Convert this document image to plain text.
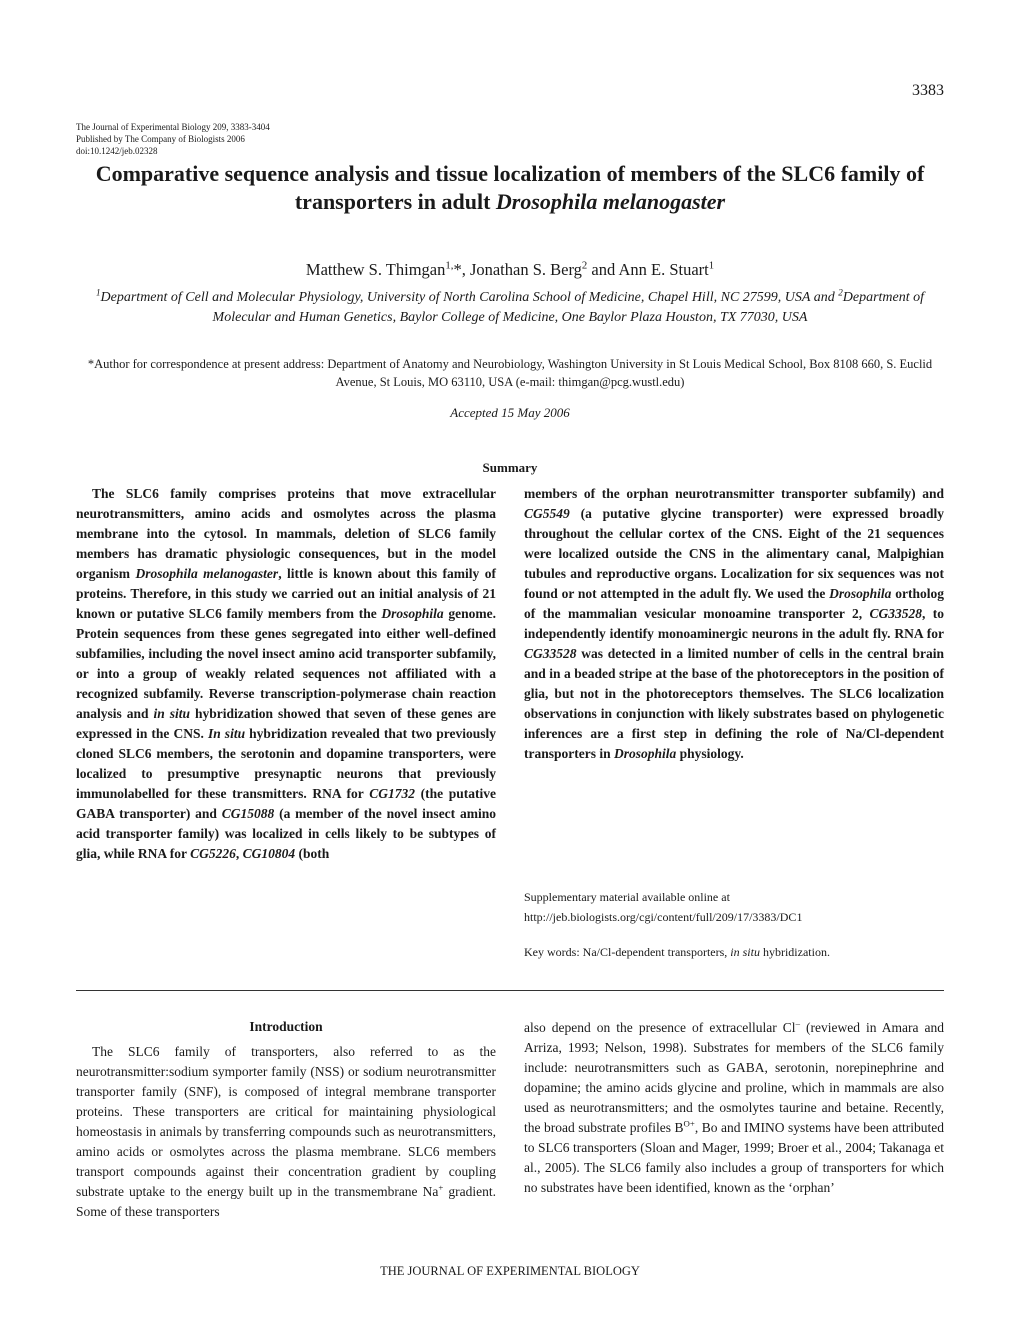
3383
The Journal of Experimental Biology 209, 3383-3404
Published by The Company of Biologists 2006
doi:10.1242/jeb.02328
Comparative sequence analysis and tissue localization of members of the SLC6 family of transporters in adult Drosophila melanogaster
Matthew S. Thimgan$^{1,}$*, Jonathan S. Berg$^2$ and Ann E. Stuart$^1$
$^1$Department of Cell and Molecular Physiology, University of North Carolina School of Medicine, Chapel Hill, NC 27599, USA and $^2$Department of Molecular and Human Genetics, Baylor College of Medicine, One Baylor Plaza Houston, TX 77030, USA
*Author for correspondence at present address: Department of Anatomy and Neurobiology, Washington University in St Louis Medical School, Box 8108 660, S. Euclid Avenue, St Louis, MO 63110, USA (e-mail: thimgan@pcg.wustl.edu)
Accepted 15 May 2006
Summary
The SLC6 family comprises proteins that move extracellular neurotransmitters, amino acids and osmolytes across the plasma membrane into the cytosol. In mammals, deletion of SLC6 family members has dramatic physiologic consequences, but in the model organism Drosophila melanogaster, little is known about this family of proteins. Therefore, in this study we carried out an initial analysis of 21 known or putative SLC6 family members from the Drosophila genome. Protein sequences from these genes segregated into either well-defined subfamilies, including the novel insect amino acid transporter subfamily, or into a group of weakly related sequences not affiliated with a recognized subfamily. Reverse transcription-polymerase chain reaction analysis and in situ hybridization showed that seven of these genes are expressed in the CNS. In situ hybridization revealed that two previously cloned SLC6 members, the serotonin and dopamine transporters, were localized to presumptive presynaptic neurons that previously immunolabelled for these transmitters. RNA for CG1732 (the putative GABA transporter) and CG15088 (a member of the novel insect amino acid transporter family) was localized in cells likely to be subtypes of glia, while RNA for CG5226, CG10804 (both
members of the orphan neurotransmitter transporter subfamily) and CG5549 (a putative glycine transporter) were expressed broadly throughout the cellular cortex of the CNS. Eight of the 21 sequences were localized outside the CNS in the alimentary canal, Malpighian tubules and reproductive organs. Localization for six sequences was not found or not attempted in the adult fly. We used the Drosophila ortholog of the mammalian vesicular monoamine transporter 2, CG33528, to independently identify monoaminergic neurons in the adult fly. RNA for CG33528 was detected in a limited number of cells in the central brain and in a beaded stripe at the base of the photoreceptors in the position of glia, but not in the photoreceptors themselves. The SLC6 localization observations in conjunction with likely substrates based on phylogenetic inferences are a first step in defining the role of Na/Cl-dependent transporters in Drosophila physiology.
Supplementary material available online at
http://jeb.biologists.org/cgi/content/full/209/17/3383/DC1
Key words: Na/Cl-dependent transporters, in situ hybridization.
Introduction
The SLC6 family of transporters, also referred to as the neurotransmitter:sodium symporter family (NSS) or sodium neurotransmitter transporter family (SNF), is composed of integral membrane transporter proteins. These transporters are critical for maintaining physiological homeostasis in animals by transferring compounds such as neurotransmitters, amino acids or osmolytes across the plasma membrane. SLC6 members transport compounds against their concentration gradient by coupling substrate uptake to the energy built up in the transmembrane Na+ gradient. Some of these transporters
also depend on the presence of extracellular Cl– (reviewed in Amara and Arriza, 1993; Nelson, 1998). Substrates for members of the SLC6 family include: neurotransmitters such as GABA, serotonin, norepinephrine and dopamine; the amino acids glycine and proline, which in mammals are also used as neurotransmitters; and the osmolytes taurine and betaine. Recently, the broad substrate profiles $B^{O+}$, Bo and IMINO systems have been attributed to SLC6 transporters (Sloan and Mager, 1999; Broer et al., 2004; Takanaga et al., 2005). The SLC6 family also includes a group of transporters for which no substrates have been identified, known as the ‘orphan’
THE JOURNAL OF EXPERIMENTAL BIOLOGY
